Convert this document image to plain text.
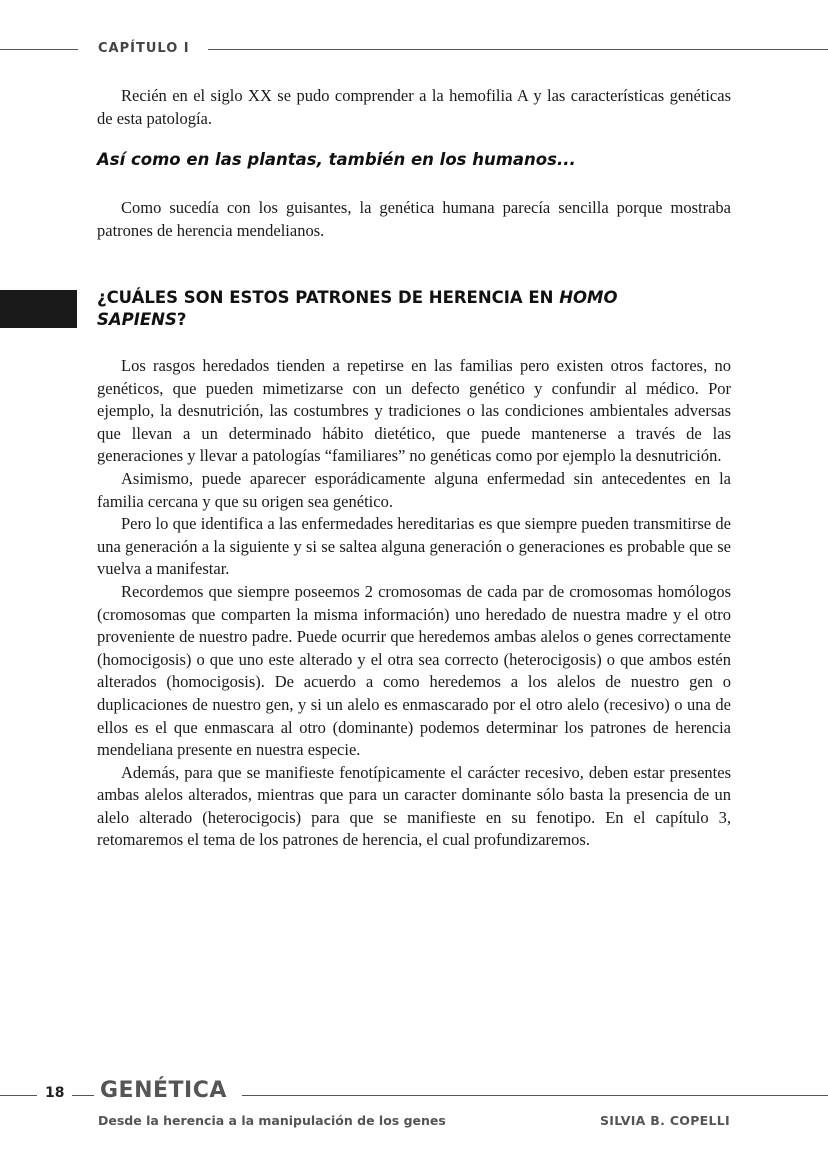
CAPÍTULO I

Recién en el siglo XX se pudo comprender a la hemofilia A y las características genéticas de esta patología.

Así como en las plantas, también en los humanos...

Como sucedía con los guisantes, la genética humana parecía sencilla porque mostraba patrones de herencia mendelianos.

¿CUÁLES SON ESTOS PATRONES DE HERENCIA EN HOMO SAPIENS?

Los rasgos heredados tienden a repetirse en las familias pero existen otros factores, no genéticos, que pueden mimetizarse con un defecto genético y confundir al médico. Por ejemplo, la desnutrición, las costumbres y tradiciones o las condiciones ambientales adversas que llevan a un determinado hábito dietético, que puede mantenerse a través de las generaciones y llevar a patologías “familiares” no genéticas como por ejemplo la desnutrición.

Asimismo, puede aparecer esporádicamente alguna enfermedad sin antecedentes en la familia cercana y que su origen sea genético.

Pero lo que identifica a las enfermedades hereditarias es que siempre pueden transmitirse de una generación a la siguiente y si se saltea alguna generación o generaciones es probable que se vuelva a manifestar.

Recordemos que siempre poseemos 2 cromosomas de cada par de cromosomas homólogos (cromosomas que comparten la misma información) uno heredado de nuestra madre y el otro proveniente de nuestro padre. Puede ocurrir que heredemos ambas alelos o genes correctamente (homocigosis) o que uno este alterado y el otra sea correcto (heterocigosis) o que ambos estén alterados (homocigosis). De acuerdo a como heredemos a los alelos de nuestro gen o duplicaciones de nuestro gen, y si un alelo es enmascarado por el otro alelo (recesivo) o una de ellos es el que enmascara al otro (dominante) podemos determinar los patrones de herencia mendeliana presente en nuestra especie.

Además, para que se manifieste fenotípicamente el carácter recesivo, deben estar presentes ambas alelos alterados, mientras que para un caracter dominante sólo basta la presencia de un alelo alterado (heterocigocis) para que se manifieste en su fenotipo. En el capítulo 3, retomaremos el tema de los patrones de herencia, el cual profundizaremos.

18 GENÉTICA
Desde la herencia a la manipulación de los genes	SILVIA B. COPELLI
